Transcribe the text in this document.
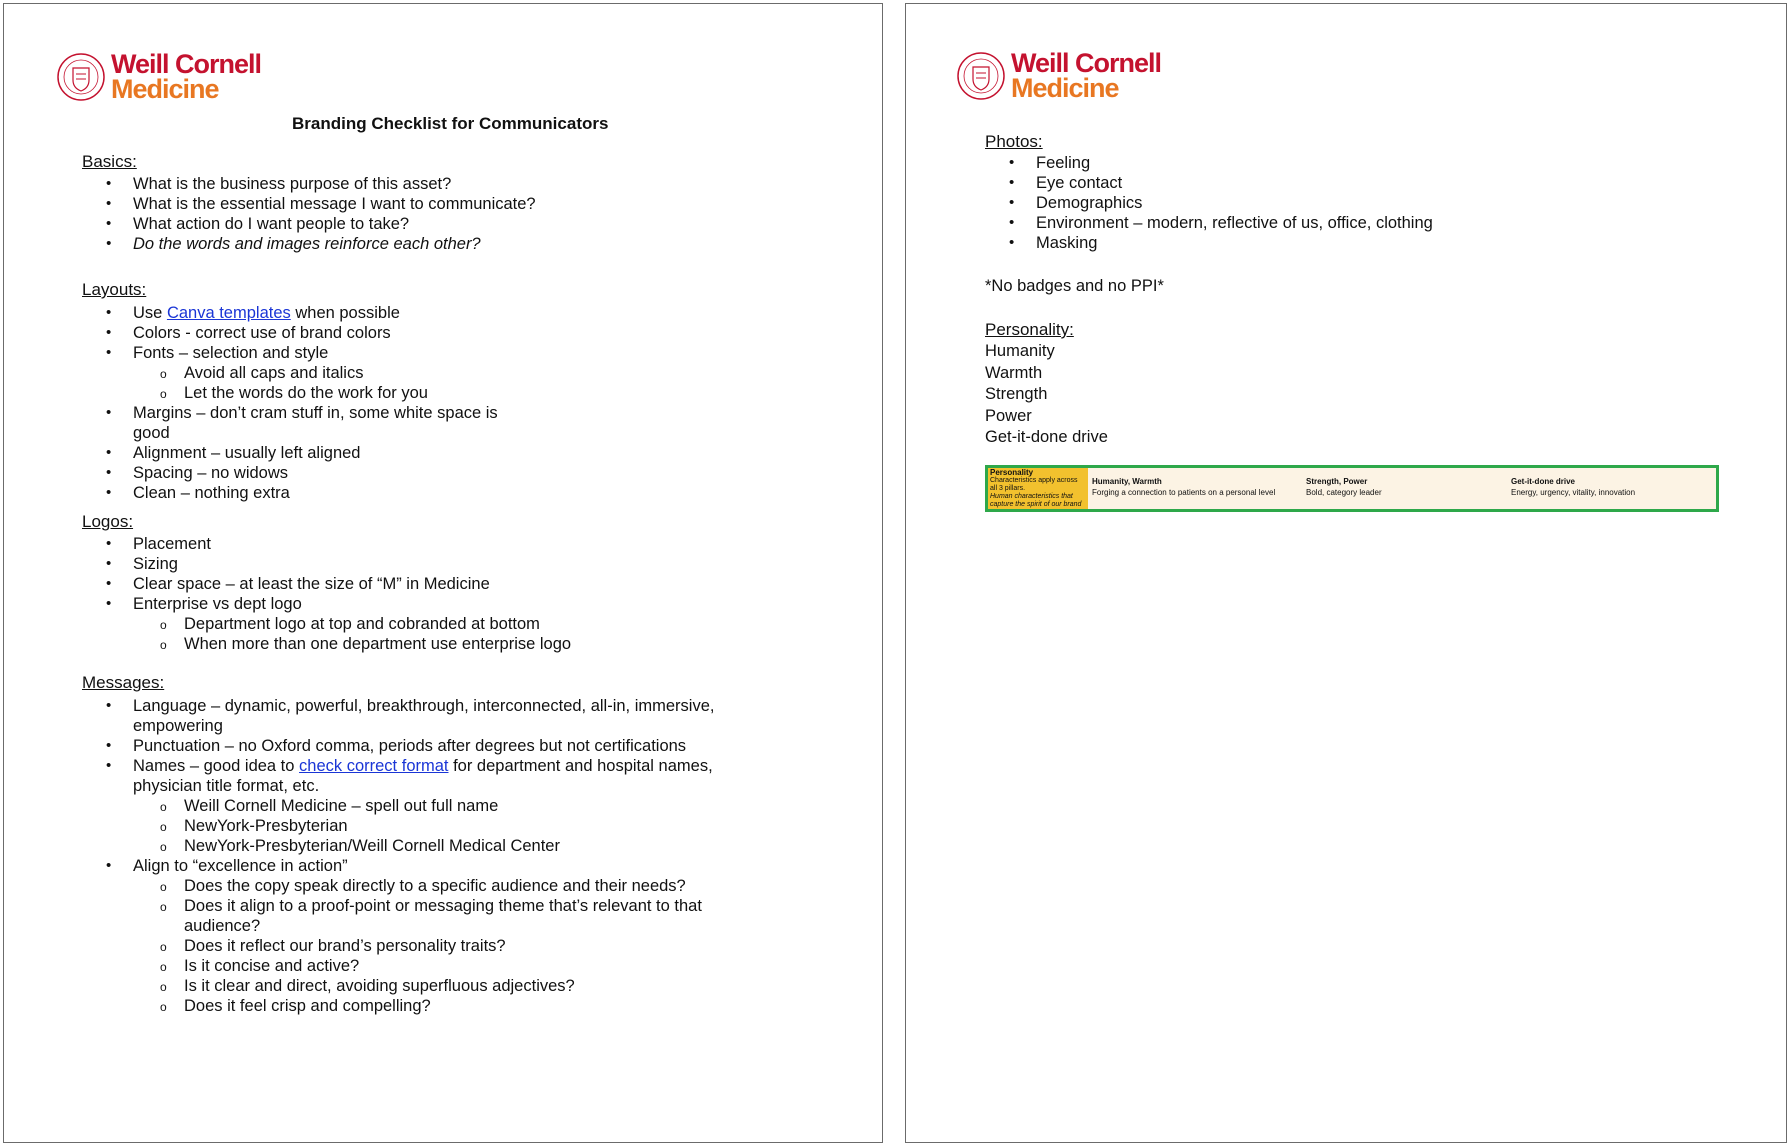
Weill Cornell
Medicine
Branding Checklist for Communicators
Basics:
• What is the business purpose of this asset?
• What is the essential message I want to communicate?
• What action do I want people to take?
• Do the words and images reinforce each other?
Layouts:
• Use Canva templates when possible
• Colors - correct use of brand colors
• Fonts – selection and style
o Avoid all caps and italics
o Let the words do the work for you
• Margins – don’t cram stuff in, some white space is
good
• Alignment – usually left aligned
• Spacing – no widows
• Clean – nothing extra
Logos:
• Placement
• Sizing
• Clear space – at least the size of “M” in Medicine
• Enterprise vs dept logo
o Department logo at top and cobranded at bottom
o When more than one department use enterprise logo
Messages:
• Language – dynamic, powerful, breakthrough, interconnected, all-in, immersive,
empowering
• Punctuation – no Oxford comma, periods after degrees but not certifications
• Names – good idea to check correct format for department and hospital names,
physician title format, etc.
o Weill Cornell Medicine – spell out full name
o NewYork-Presbyterian
o NewYork-Presbyterian/Weill Cornell Medical Center
• Align to “excellence in action”
o Does the copy speak directly to a specific audience and their needs?
o Does it align to a proof-point or messaging theme that’s relevant to that
audience?
o Does it reflect our brand’s personality traits?
o Is it concise and active?
o Is it clear and direct, avoiding superfluous adjectives?
o Does it feel crisp and compelling?
Weill Cornell
Medicine
Photos:
• Feeling
• Eye contact
• Demographics
• Environment – modern, reflective of us, office, clothing
• Masking
*No badges and no PPI*
Personality:
Humanity
Warmth
Strength
Power
Get-it-done drive
Personality
Characteristics apply across
all 3 pillars.
Human characteristics that
capture the spirit of our brand
Humanity, Warmth
Forging a connection to patients on a personal level
Strength, Power
Bold, category leader
Get-it-done drive
Energy, urgency, vitality, innovation
